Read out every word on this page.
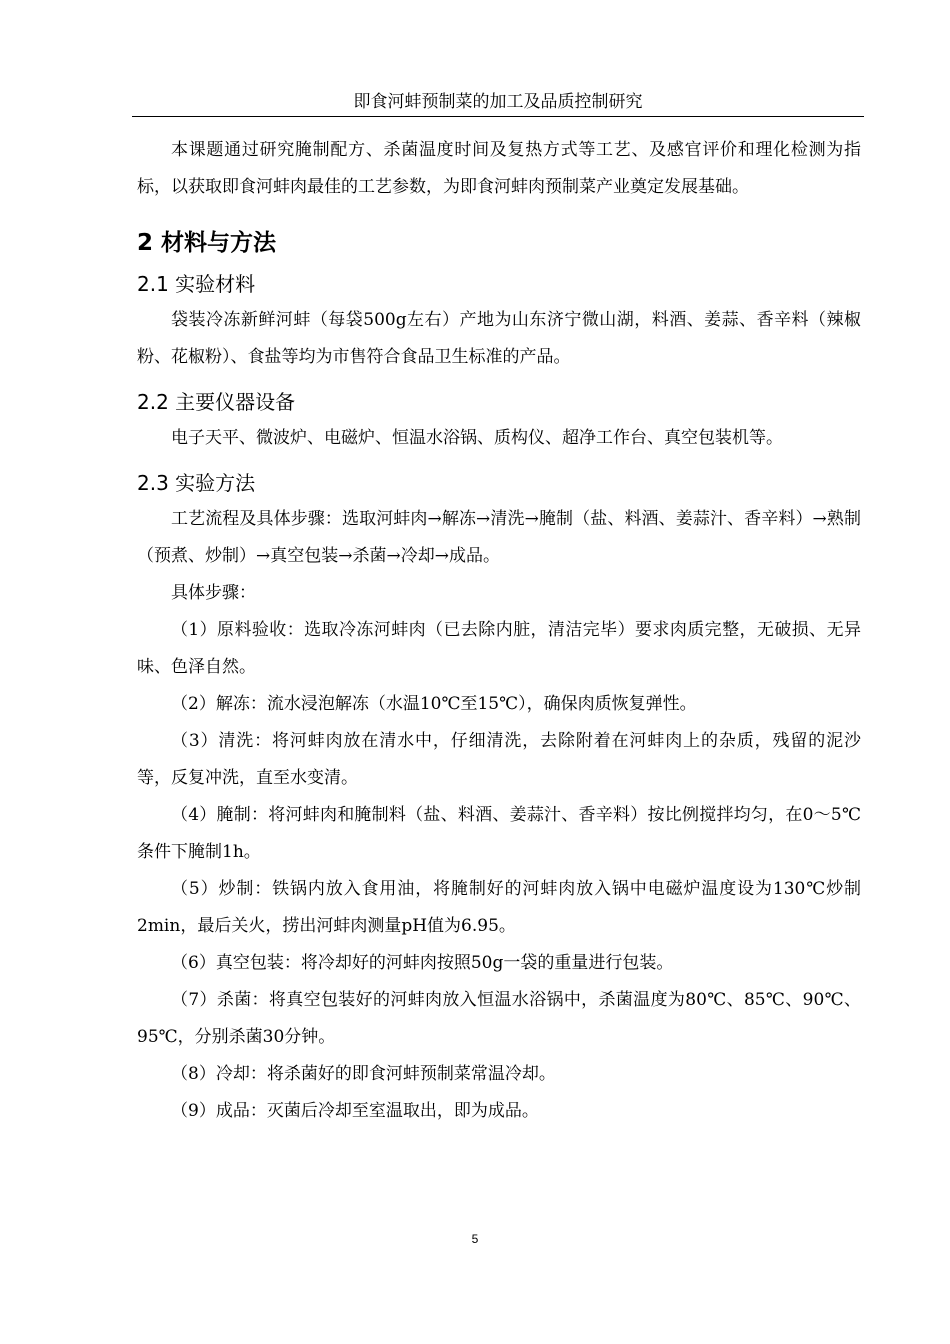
即食河蚌预制菜的加工及品质控制研究

本课题通过研究腌制配方、杀菌温度时间及复热方式等工艺、及感官评价和理化检测为指标，以获取即食河蚌肉最佳的工艺参数，为即食河蚌肉预制菜产业奠定发展基础。

2 材料与方法
2.1 实验材料

袋装冷冻新鲜河蚌（每袋500g左右）产地为山东济宁微山湖，料酒、姜蒜、香辛料（辣椒粉、花椒粉）、食盐等均为市售符合食品卫生标准的产品。

2.2 主要仪器设备

电子天平、微波炉、电磁炉、恒温水浴锅、质构仪、超净工作台、真空包装机等。

2.3 实验方法

工艺流程及具体步骤：选取河蚌肉→解冻→清洗→腌制（盐、料酒、姜蒜汁、香辛料）→熟制（预煮、炒制）→真空包装→杀菌→冷却→成品。

具体步骤：

（1）原料验收：选取冷冻河蚌肉（已去除内脏，清洁完毕）要求肉质完整，无破损、无异味、色泽自然。

（2）解冻：流水浸泡解冻（水温10℃至15℃），确保肉质恢复弹性。

（3）清洗：将河蚌肉放在清水中，仔细清洗，去除附着在河蚌肉上的杂质，残留的泥沙等，反复冲洗，直至水变清。

（4）腌制：将河蚌肉和腌制料（盐、料酒、姜蒜汁、香辛料）按比例搅拌均匀，在0～5℃条件下腌制1h。

（5）炒制：铁锅内放入食用油，将腌制好的河蚌肉放入锅中电磁炉温度设为130℃炒制2min，最后关火，捞出河蚌肉测量pH值为6.95。

（6）真空包装：将冷却好的河蚌肉按照50g一袋的重量进行包装。

（7）杀菌：将真空包装好的河蚌肉放入恒温水浴锅中，杀菌温度为80℃、85℃、90℃、95℃，分别杀菌30分钟。

（8）冷却：将杀菌好的即食河蚌预制菜常温冷却。

（9）成品：灭菌后冷却至室温取出，即为成品。

5
